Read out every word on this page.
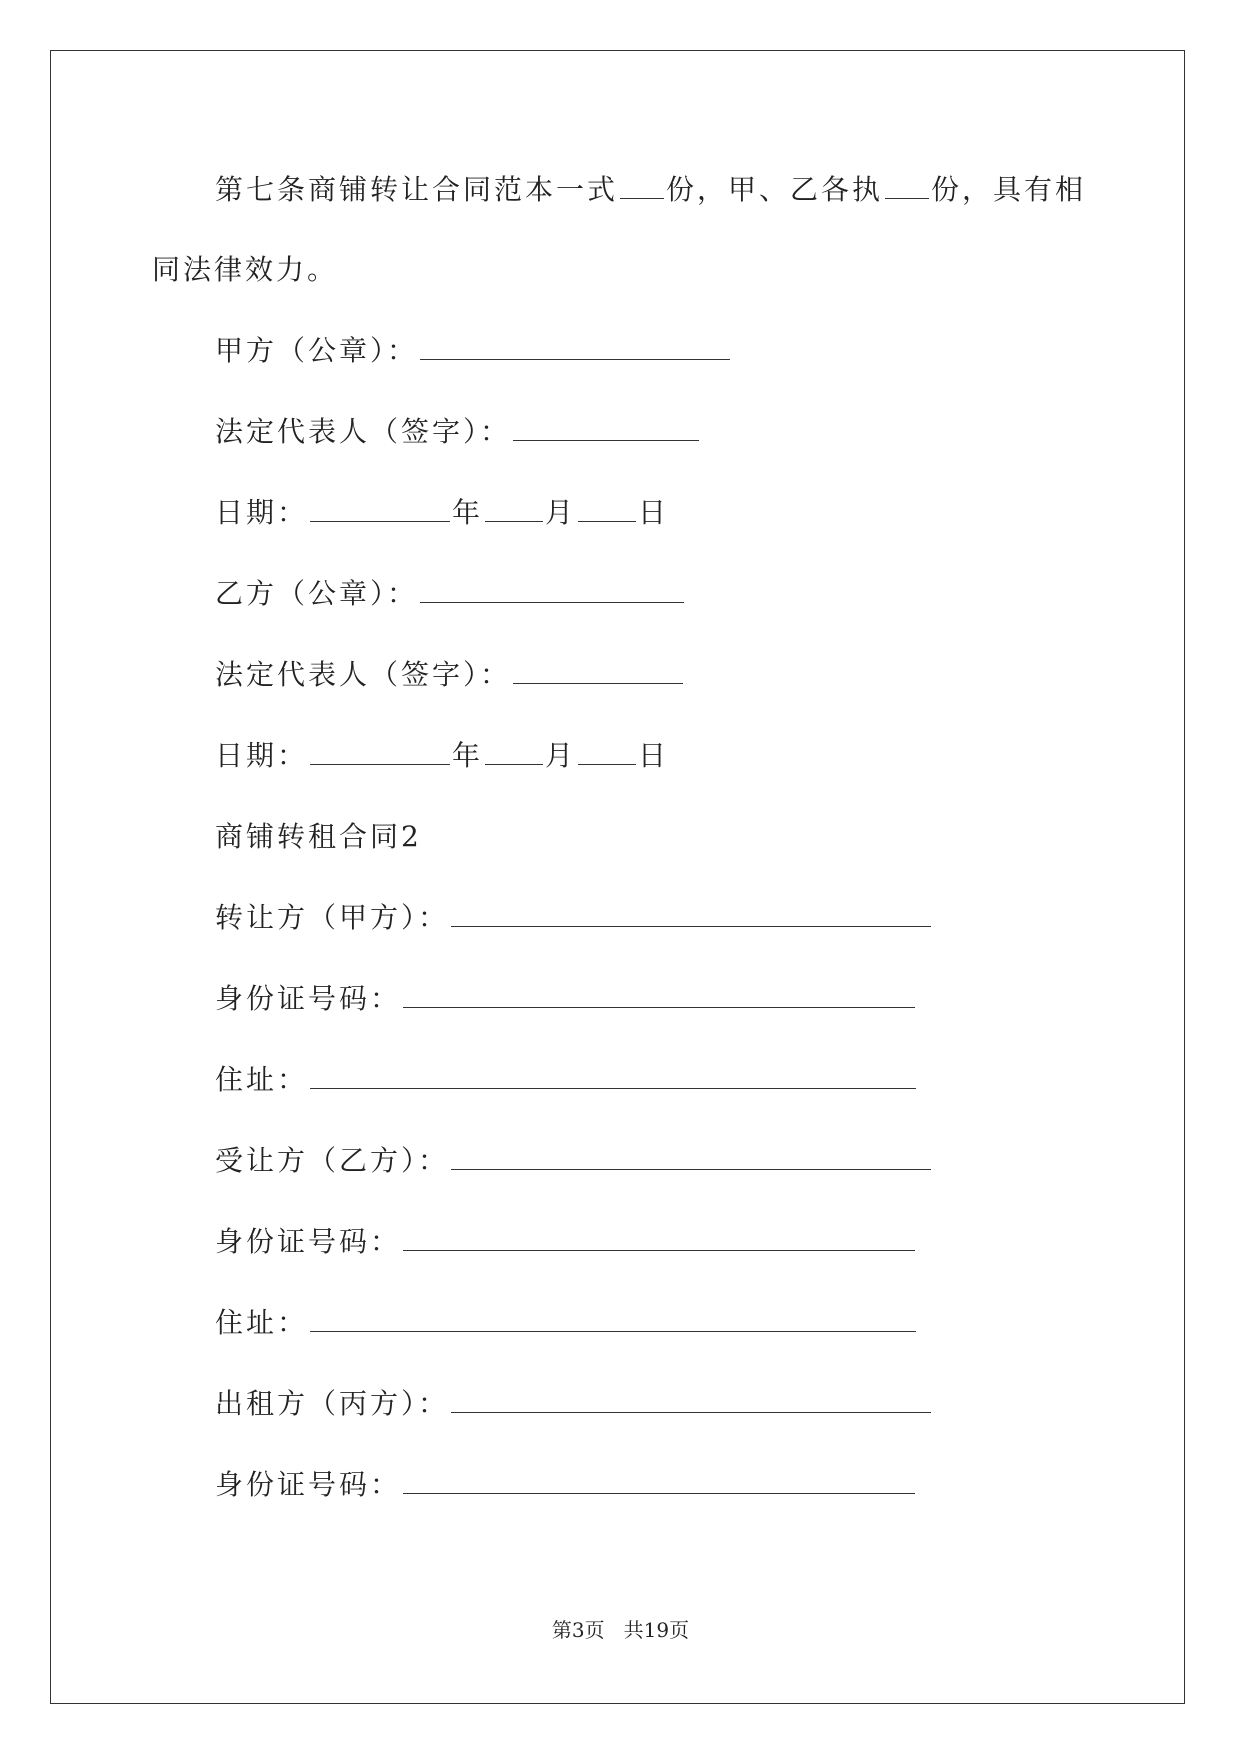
第七条商铺转让合同范本一式 份，甲、乙各执 份，具有相
同法律效力。
甲方（公章）：
法定代表人（签字）：
日期：	年 月 日
乙方（公章）：
法定代表人（签字）：
日期：	年 月 日
商铺转租合同2
转让方（甲方）：
身份证号码：
住址：
受让方（乙方）：
身份证号码：
住址：
出租方（丙方）：
身份证号码：
第3页   共19页
